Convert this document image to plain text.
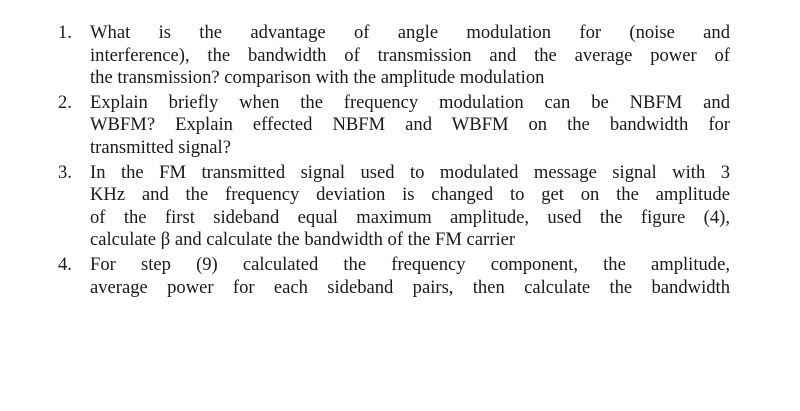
1. What is the advantage of angle modulation for (noise and
interference), the bandwidth of transmission and the average power of
the transmission? comparison with the amplitude modulation
2. Explain briefly when the frequency modulation can be NBFM and
WBFM? Explain effected NBFM and WBFM on the bandwidth for
transmitted signal?
3. In the FM transmitted signal used to modulated message signal with 3
KHz and the frequency deviation is changed to get on the amplitude
of the first sideband equal maximum amplitude, used the figure (4),
calculate β and calculate the bandwidth of the FM carrier
4. For step (9) calculated the frequency component, the amplitude,
average power for each sideband pairs, then calculate the bandwidth
